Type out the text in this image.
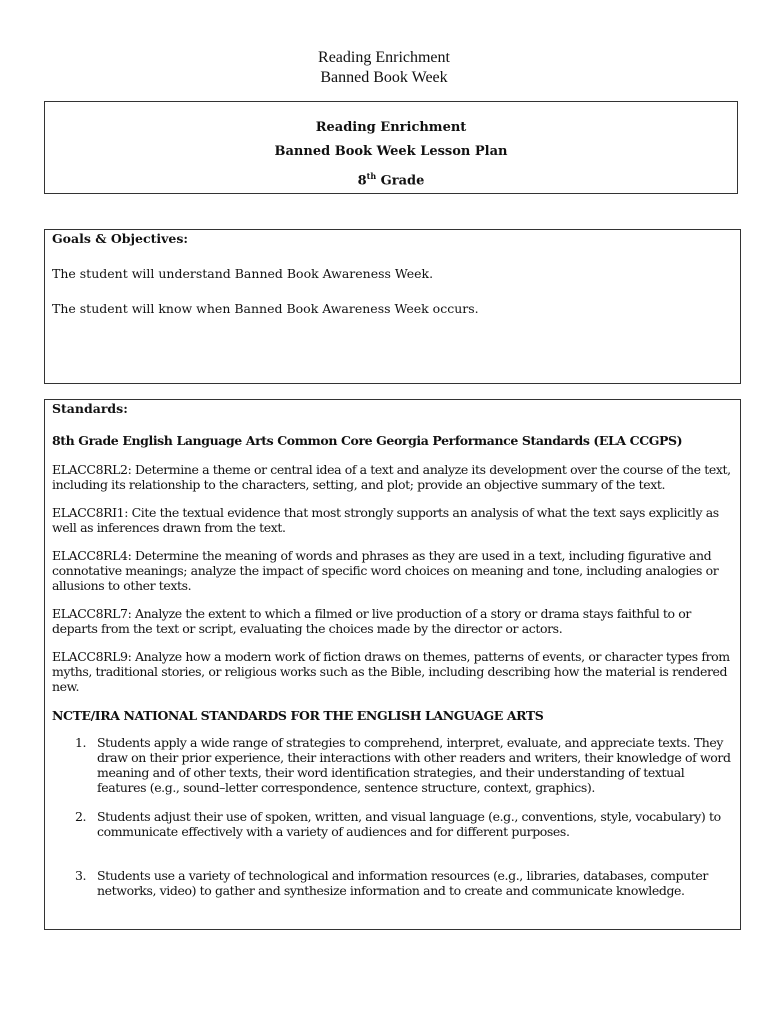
Reading Enrichment
Banned Book Week
Reading Enrichment
Banned Book Week Lesson Plan
8th Grade
Goals & Objectives:

The student will understand Banned Book Awareness Week.

The student will know when Banned Book Awareness Week occurs.

Standards:

8th Grade English Language Arts Common Core Georgia Performance Standards (ELA CCGPS)

ELACC8RL2: Determine a theme or central idea of a text and analyze its development over the course of the text, including its relationship to the characters, setting, and plot; provide an objective summary of the text.

ELACC8RI1: Cite the textual evidence that most strongly supports an analysis of what the text says explicitly as well as inferences drawn from the text.

ELACC8RL4: Determine the meaning of words and phrases as they are used in a text, including figurative and connotative meanings; analyze the impact of specific word choices on meaning and tone, including analogies or allusions to other texts.

ELACC8RL7: Analyze the extent to which a filmed or live production of a story or drama stays faithful to or departs from the text or script, evaluating the choices made by the director or actors.

ELACC8RL9: Analyze how a modern work of fiction draws on themes, patterns of events, or character types from myths, traditional stories, or religious works such as the Bible, including describing how the material is rendered new.

NCTE/IRA NATIONAL STANDARDS FOR THE ENGLISH LANGUAGE ARTS

1. Students apply a wide range of strategies to comprehend, interpret, evaluate, and appreciate texts. They draw on their prior experience, their interactions with other readers and writers, their knowledge of word meaning and of other texts, their word identification strategies, and their understanding of textual features (e.g., sound–letter correspondence, sentence structure, context, graphics).
2. Students adjust their use of spoken, written, and visual language (e.g., conventions, style, vocabulary) to communicate effectively with a variety of audiences and for different purposes.
3. Students use a variety of technological and information resources (e.g., libraries, databases, computer networks, video) to gather and synthesize information and to create and communicate knowledge.
